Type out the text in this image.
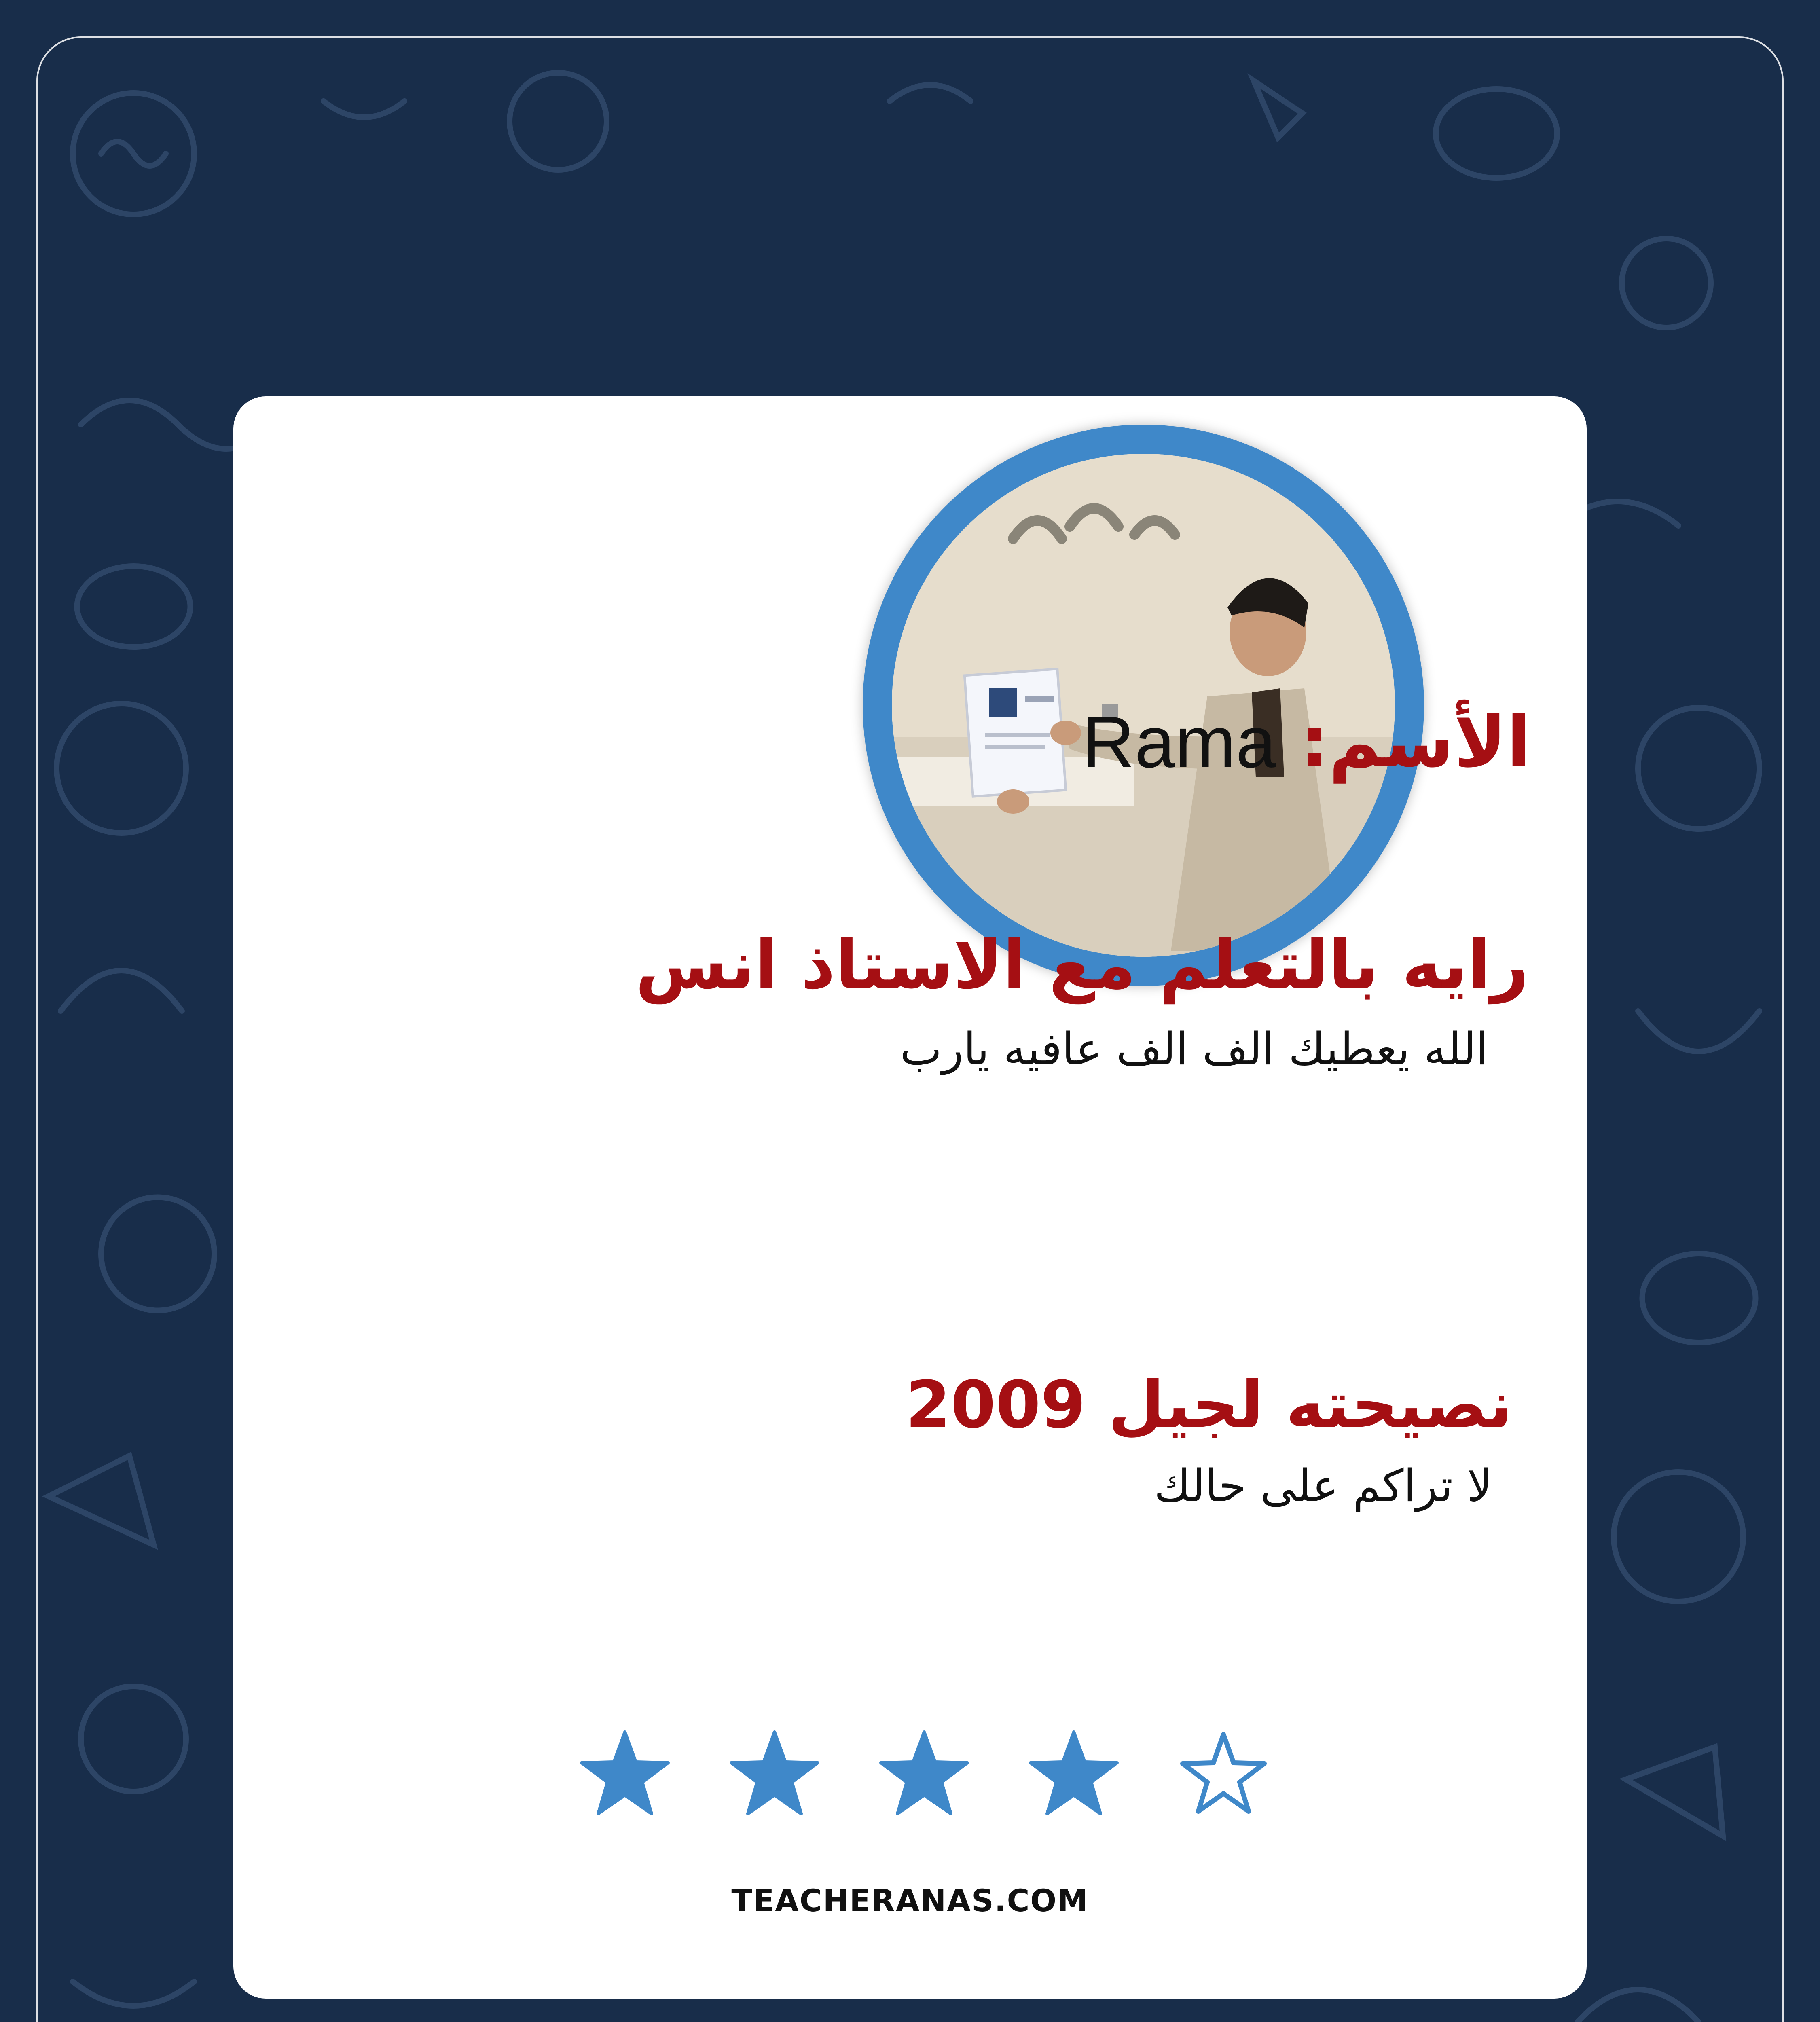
الأسم:
Rama
رايه بالتعلم مع الاستاذ انس
الله يعطيك الف الف عافيه يارب
نصيحته لجيل 2009
لا تراكم على حالك
TEACHERANAS.COM
